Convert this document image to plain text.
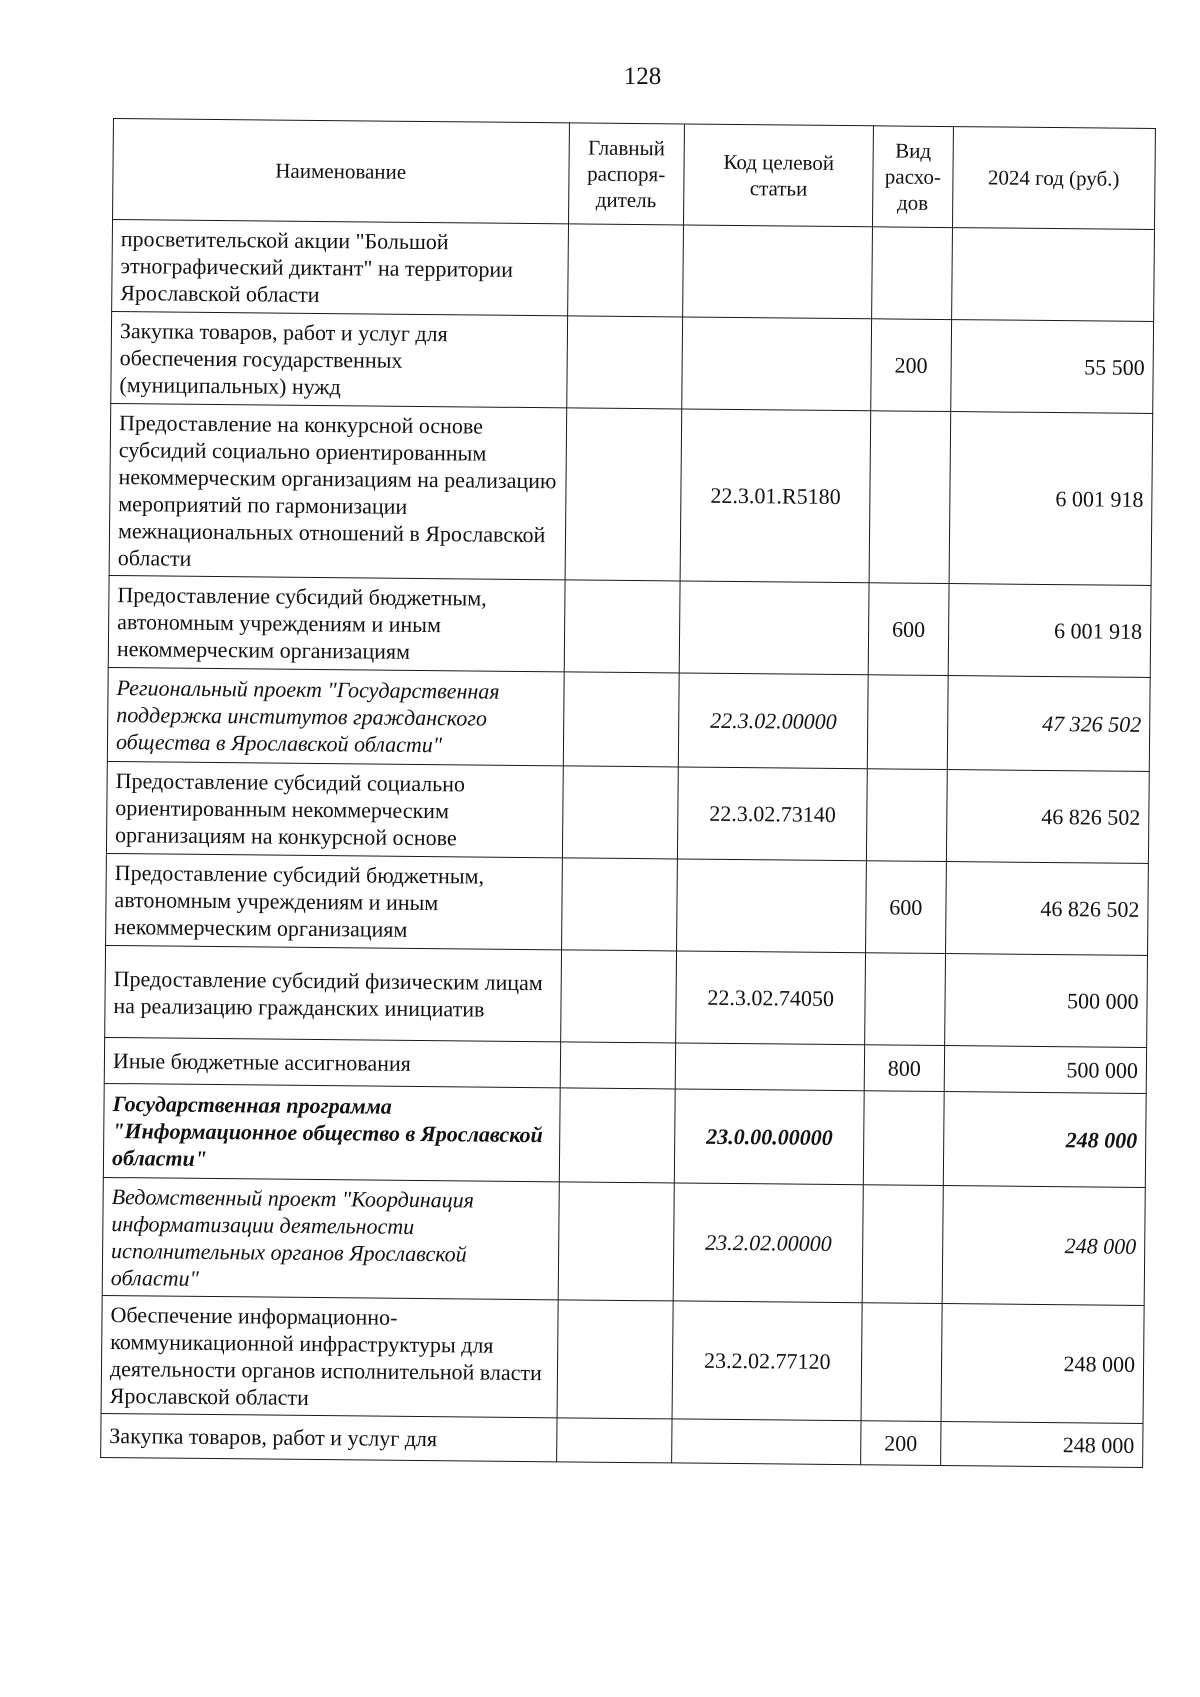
128
Наименование	Главный распоря-дитель	Код целевой статьи	Вид расхо-дов	2024 год (руб.)
просветительской акции "Большой этнографический диктант" на территории Ярославской области				
Закупка товаров, работ и услуг для обеспечения государственных (муниципальных) нужд			200	55 500
Предоставление на конкурсной основе субсидий социально ориентированным некоммерческим организациям на реализацию мероприятий по гармонизации межнациональных отношений в Ярославской области		22.3.01.R5180		6 001 918
Предоставление субсидий бюджетным, автономным учреждениям и иным некоммерческим организациям			600	6 001 918
Региональный проект "Государственная поддержка институтов гражданского общества в Ярославской области"		22.3.02.00000		47 326 502
Предоставление субсидий социально ориентированным некоммерческим организациям на конкурсной основе		22.3.02.73140		46 826 502
Предоставление субсидий бюджетным, автономным учреждениям и иным некоммерческим организациям			600	46 826 502
Предоставление субсидий физическим лицам на реализацию гражданских инициатив		22.3.02.74050		500 000
Иные бюджетные ассигнования			800	500 000
Государственная программа "Информационное общество в Ярославской области"		23.0.00.00000		248 000
Ведомственный проект "Координация информатизации деятельности исполнительных органов Ярославской области"		23.2.02.00000		248 000
Обеспечение информационно-коммуникационной инфраструктуры для деятельности органов исполнительной власти Ярославской области		23.2.02.77120		248 000
Закупка товаров, работ и услуг для			200	248 000
